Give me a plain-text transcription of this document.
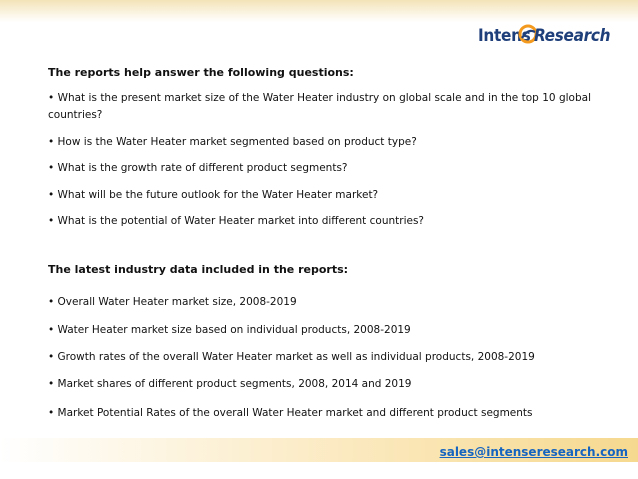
Intens Research

The reports help answer the following questions:

• What is the present market size of the Water Heater industry on global scale and in the top 10 global countries?

• How is the Water Heater market segmented based on product type?

• What is the growth rate of different product segments?

• What will be the future outlook for the Water Heater market?

• What is the potential of Water Heater market into different countries?

The latest industry data included in the reports:

• Overall Water Heater market size, 2008-2019

• Water Heater market size based on individual products, 2008-2019

• Growth rates of the overall Water Heater market as well as individual products, 2008-2019

• Market shares of different product segments, 2008, 2014 and 2019

• Market Potential Rates of the overall Water Heater market and different product segments

sales@intenseresearch.com
